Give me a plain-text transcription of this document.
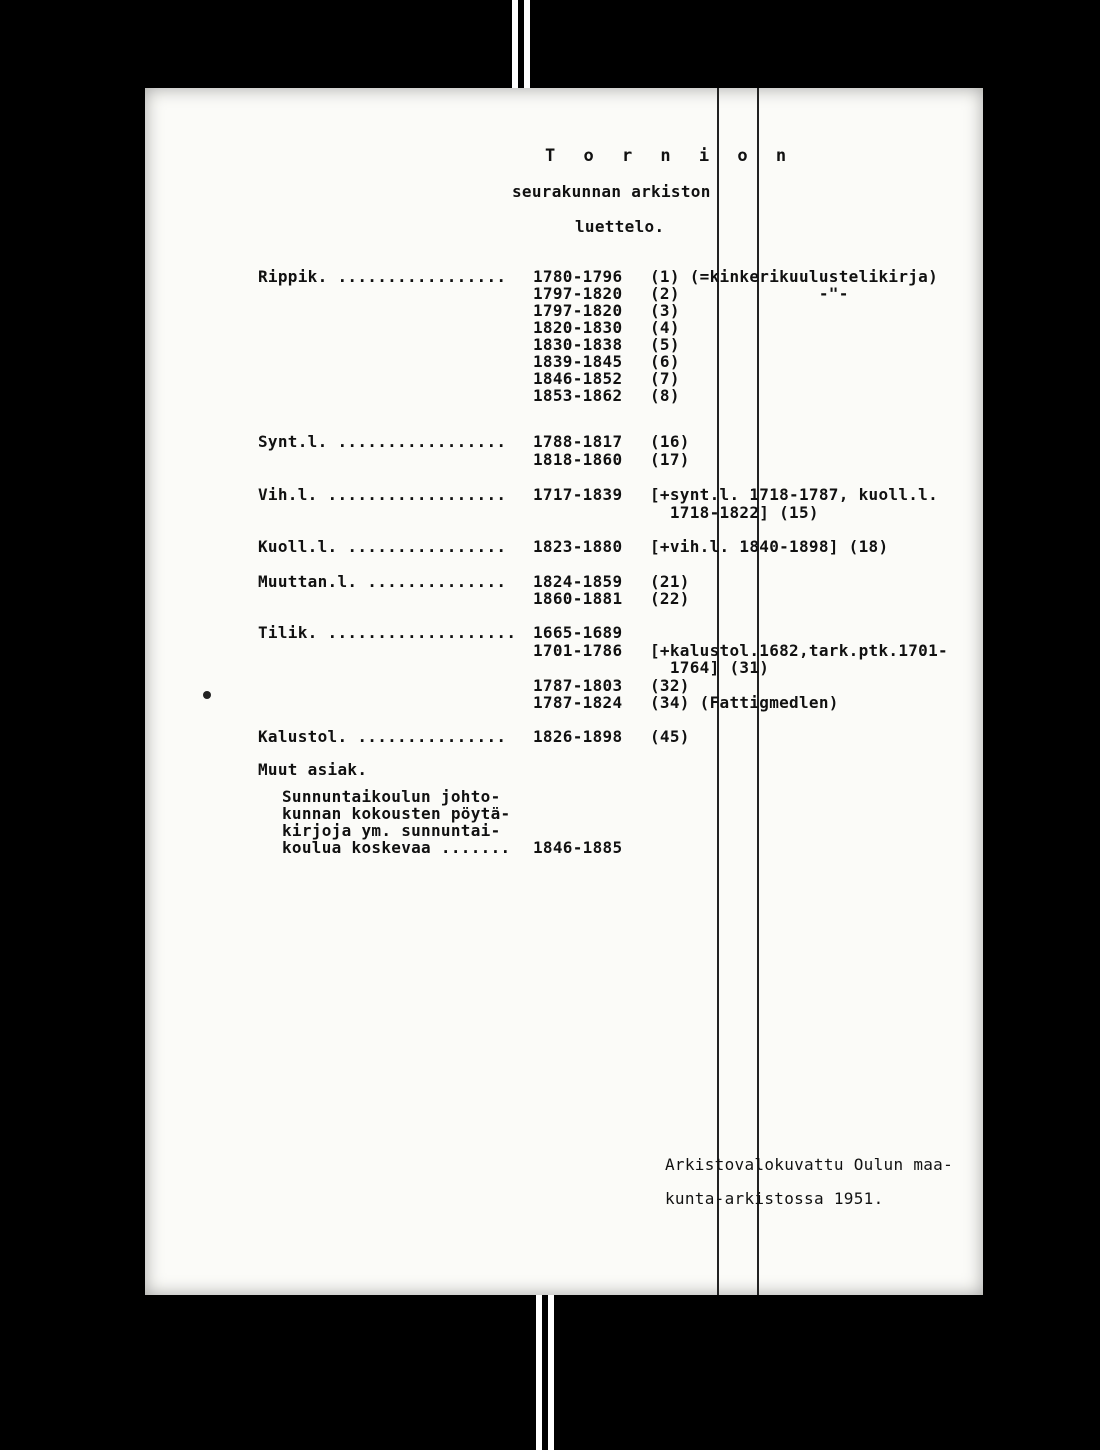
T o r n i o n
seurakunnan arkiston
luettelo.
Rippik. ................. 1780-1796 (1) (=kinkerikuulustelikirja)
1797-1820 (2)              -"-
1797-1820 (3)
1820-1830 (4)
1830-1838 (5)
1839-1845 (6)
1846-1852 (7)
1853-1862 (8)
Synt.l. ................. 1788-1817 (16)
1818-1860 (17)
Vih.l. .................. 1717-1839 [+synt.l. 1718-1787, kuoll.l.
1718-1822] (15)
Kuoll.l. ................ 1823-1880 [+vih.l. 1840-1898] (18)
Muuttan.l. .............. 1824-1859 (21)
1860-1881 (22)
Tilik. ................... 1665-1689
1701-1786 [+kalustol.1682,tark.ptk.1701-
1764] (31)
1787-1803 (32)
1787-1824 (34) (Fattigmedlen)
Kalustol. ............... 1826-1898 (45)
Muut asiak.
Sunnuntaikoulun johto-
kunnan kokousten pöytä-
kirjoja ym. sunnuntai-
koulua koskevaa ....... 1846-1885
Arkistovalokuvattu Oulun maa-
kunta-arkistossa 1951.
